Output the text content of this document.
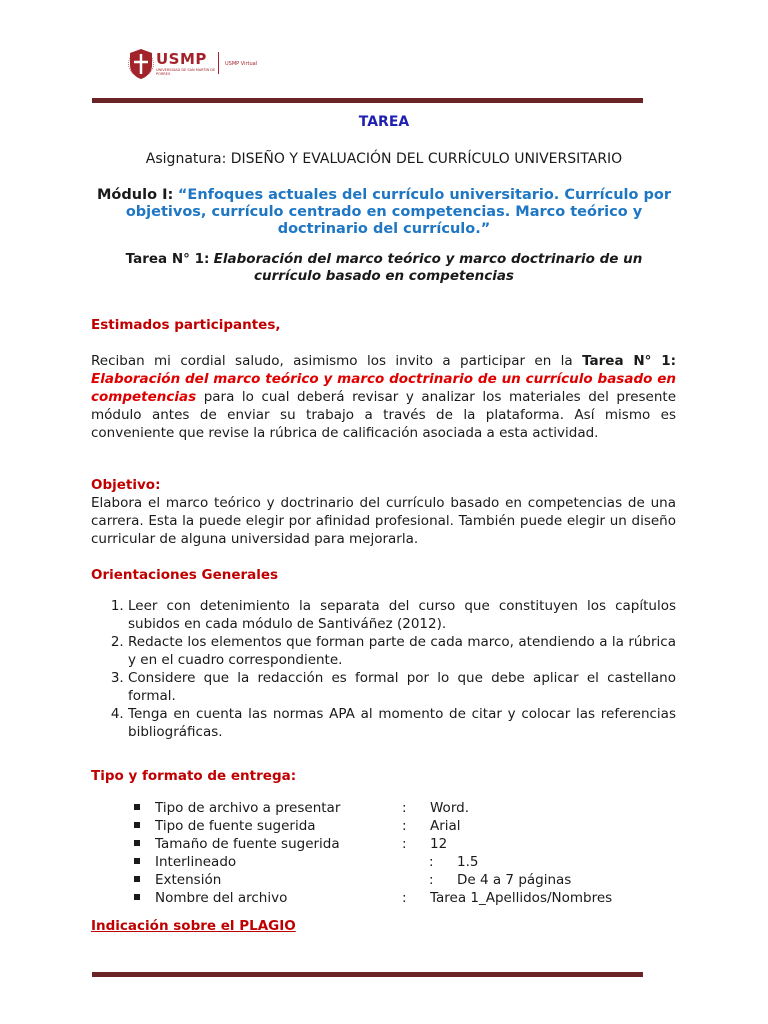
USMP
UNIVERSIDAD DE SAN MARTIN DE PORRES
USMP Virtual
TAREA
Asignatura: DISEÑO Y EVALUACIÓN DEL CURRÍCULO UNIVERSITARIO
Módulo I: “Enfoques actuales del currículo universitario. Currículo por objetivos, currículo centrado en competencias. Marco teórico y doctrinario del currículo.”
Tarea N° 1: Elaboración del marco teórico y marco doctrinario de un currículo basado en competencias
Estimados participantes,
Reciban mi cordial saludo, asimismo los invito a participar en la Tarea N° 1: Elaboración del marco teórico y marco doctrinario de un currículo basado en competencias para lo cual deberá revisar y analizar los materiales del presente módulo antes de enviar su trabajo a través de la plataforma. Así mismo es conveniente que revise la rúbrica de calificación asociada a esta actividad.
Objetivo:
Elabora el marco teórico y doctrinario del currículo basado en competencias de una carrera. Esta la puede elegir por afinidad profesional. También puede elegir un diseño curricular de alguna universidad para mejorarla.
Orientaciones Generales
1. Leer con detenimiento la separata del curso que constituyen los capítulos subidos en cada módulo de Santiváñez (2012).
2. Redacte los elementos que forman parte de cada marco, atendiendo a la rúbrica y en el cuadro correspondiente.
3. Considere que la redacción es formal por lo que debe aplicar el castellano formal.
4. Tenga en cuenta las normas APA al momento de citar y colocar las referencias bibliográficas.
Tipo y formato de entrega:
Tipo de archivo a presentar	: Word.
Tipo de fuente sugerida	: Arial
Tamaño de fuente sugerida	: 12
Interlineado	: 1.5
Extensión	: De 4 a 7 páginas
Nombre del archivo	: Tarea 1_Apellidos/Nombres
Indicación sobre el PLAGIO
